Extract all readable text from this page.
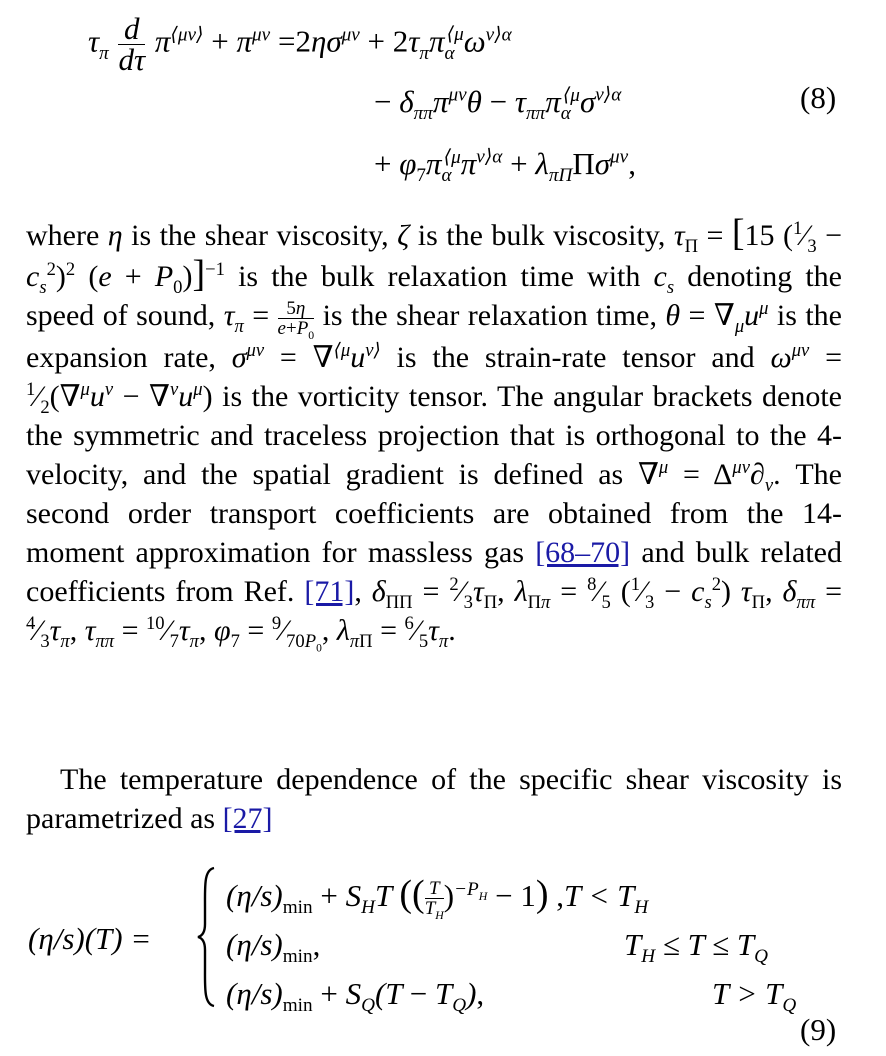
$\tau_\pi \frac{d}{d\tau} \pi^{⟨\mu\nu⟩} + \pi^{\mu\nu} =2\eta\sigma^{\mu\nu} + 2\tau_\pi\pi_\alpha^{⟨\mu}\omega^{\nu⟩\alpha}$
− $\delta_{\pi\pi}\pi^{\mu\nu}\theta - \tau_{\pi\pi}\pi_\alpha^{⟨\mu}\sigma^{\nu⟩\alpha}$	(8)
+ $\varphi_7\pi_\alpha^{⟨\mu}\pi^{\nu⟩\alpha} + \lambda_{\pi\Pi}\Pi\sigma^{\mu\nu}$,
where η is the shear viscosity, ζ is the bulk viscosity, $\tau_\Pi = [15$ $(^1⁄_3 - c_s^2)^2$ $(e + P_0)]^{-1}$ is the bulk relaxation time with $c_s$ denoting the speed of sound, $\tau_\pi = \frac{5\eta}{e+P_0}$ is the shear relaxation time, $\theta = \nabla_\mu u^\mu$ is the expansion rate, $\sigma^{\mu\nu} = \nabla^{⟨\mu}u^{\nu⟩}$ is the strain-rate tensor and $\omega^{\mu\nu}$ = $^1⁄_2(\nabla^\mu u^\nu - \nabla^\nu u^\mu)$ is the vorticity tensor. The angular brackets denote the symmetric and traceless projection that is orthogonal to the 4-velocity, and the spatial gradient is defined as $\nabla^\mu = \Delta^{\mu\nu}\partial_\nu$. The second order transport coefficients are obtained from the 14-moment approximation for massless gas [68–70] and bulk related coefficients from Ref. [71], $\delta_{\Pi\Pi}$ = $^2⁄_3\tau_\Pi$, $\lambda_{\Pi\pi}$ = $^8⁄_5$ $(^1⁄_3 - c_s^2)$ $\tau_\Pi$, $\delta_{\pi\pi}$ = $^4⁄_3\tau_\pi$, $\tau_{\pi\pi}$ = $^{10}⁄_7\tau_\pi$, $\varphi_7$ = $^9⁄_{70P_0}$, $\lambda_{\pi\Pi}$ = $^6⁄_5\tau_\pi$.
The temperature dependence of the specific shear viscosity is parametrized as [27]
(η/s)(T) =
$(\eta/s)_{min} + S_HT$ (( $\frac{T}{T_H} )^{-P_H} - 1$) $,T < T_H$
$(\eta/s)_{min}$,	$T_H \le T \le T_Q$
$(\eta/s)_{min} + S_Q(T - T_Q)$,	$T > T_Q$
(9)
